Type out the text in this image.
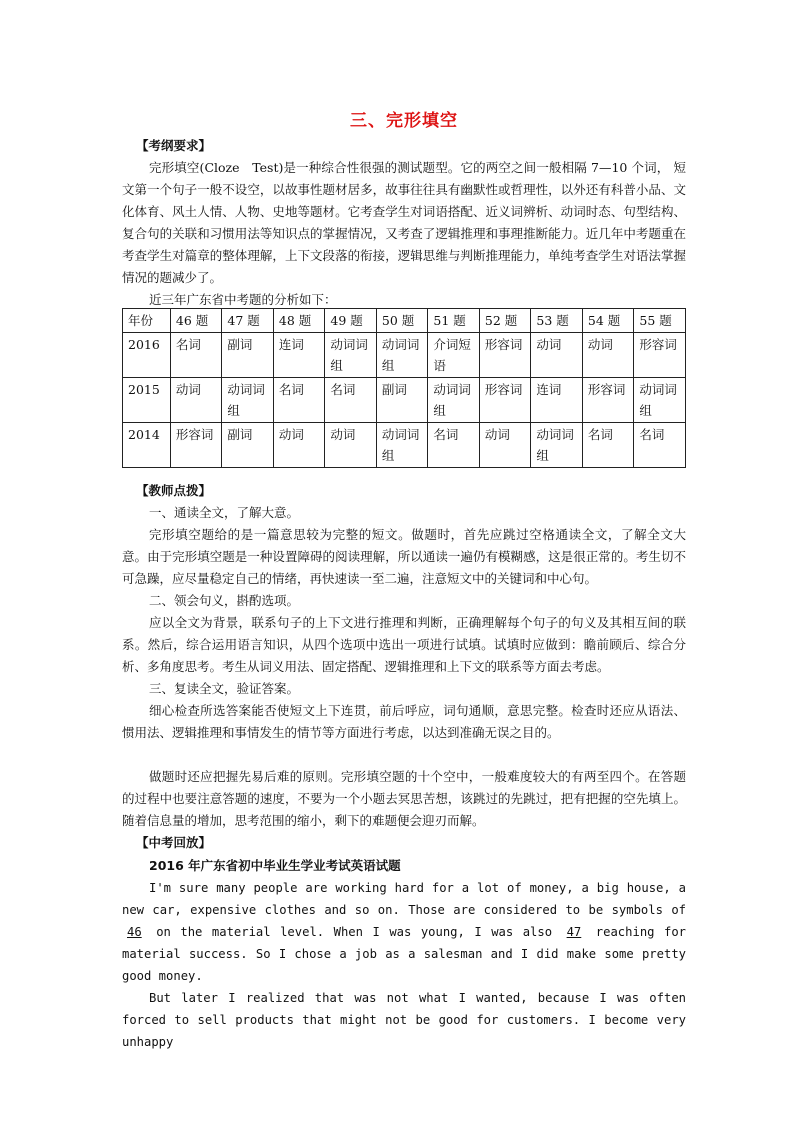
三、完形填空
【考纲要求】

完形填空(Cloze　Test)是一种综合性很强的测试题型。它的两空之间一般相隔 7—10 个词， 短文第一个句子一般不设空，以故事性题材居多，故事往往具有幽默性或哲理性，以外还有科普小品、文化体育、风土人情、人物、史地等题材。它考查学生对词语搭配、近义词辨析、动词时态、句型结构、复合句的关联和习惯用法等知识点的掌握情况，又考查了逻辑推理和事理推断能力。近几年中考题重在考查学生对篇章的整体理解，上下文段落的衔接，逻辑思维与判断推理能力，单纯考查学生对语法掌握情况的题减少了。

近三年广东省中考题的分析如下：

年份	46 题	47 题	48 题	49 题	50 题	51 题	52 题	53 题	54 题	55 题
2016	名词	副词	连词	动词词组	动词词组	介词短语	形容词	动词	动词	形容词
2015	动词	动词词组	名词	名词	副词	动词词组	形容词	连词	形容词	动词词组
2014	形容词	副词	动词	动词	动词词组	名词	动词	动词词组	名词	名词
【教师点拨】

一、通读全文，了解大意。

完形填空题给的是一篇意思较为完整的短文。做题时，首先应跳过空格通读全文，了解全文大意。由于完形填空题是一种设置障碍的阅读理解，所以通读一遍仍有模糊感，这是很正常的。考生切不可急躁，应尽量稳定自己的情绪，再快速读一至二遍，注意短文中的关键词和中心句。

二、领会句义，斟酌选项。

应以全文为背景，联系句子的上下文进行推理和判断，正确理解每个句子的句义及其相互间的联系。然后，综合运用语言知识，从四个选项中选出一项进行试填。试填时应做到：瞻前顾后、综合分析、多角度思考。考生从词义用法、固定搭配、逻辑推理和上下文的联系等方面去考虑。

三、复读全文，验证答案。

细心检查所选答案能否使短文上下连贯，前后呼应，词句通顺，意思完整。检查时还应从语法、惯用法、逻辑推理和事情发生的情节等方面进行考虑，以达到准确无误之目的。

做题时还应把握先易后难的原则。完形填空题的十个空中，一般难度较大的有两至四个。在答题的过程中也要注意答题的速度，不要为一个小题去冥思苦想，该跳过的先跳过，把有把握的空先填上。随着信息量的增加，思考范围的缩小，剩下的难题便会迎刃而解。

【中考回放】
2016 年广东省初中毕业生学业考试英语试题

I'm sure many people are working hard for a lot of money, a big house, a new car, expensive clothes and so on. Those are considered to be symbols of 46 on the material level. When I was young, I was also 47 reaching for material success. So I chose a job as a salesman and I did make some pretty good money.

But later I realized that was not what I wanted, because I was often forced to sell products that might not be good for customers. I become very unhappy
